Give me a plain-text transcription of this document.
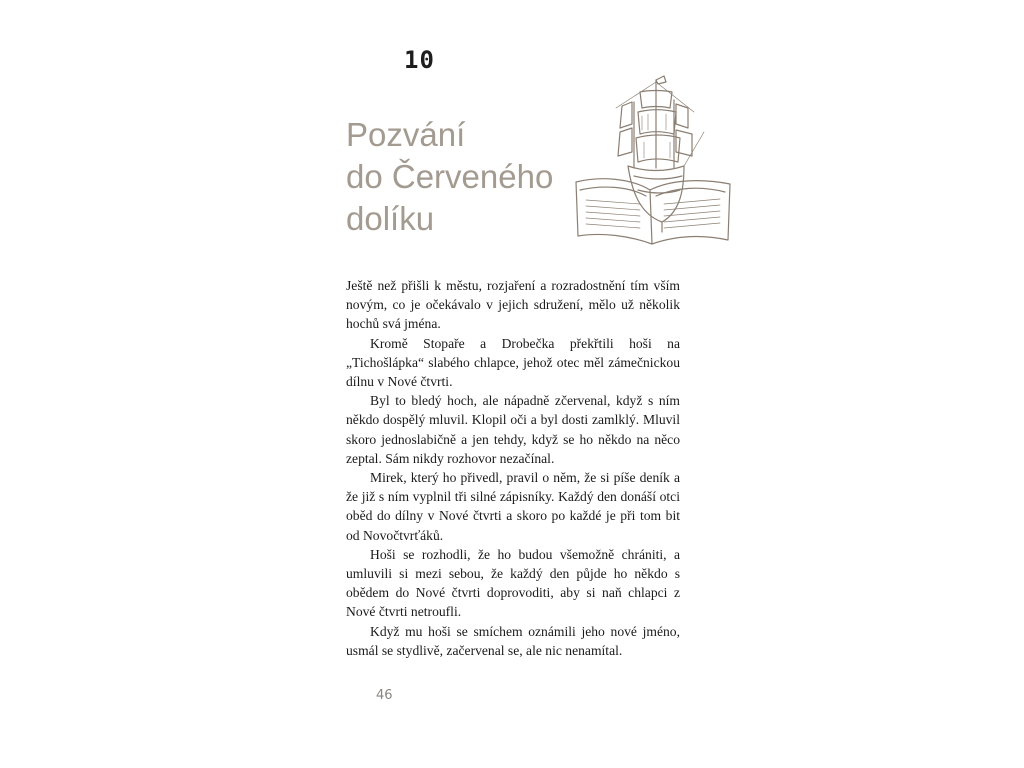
10
Pozvání
do Červeného
dolíku

Ještě než přišli k městu, rozjaření a rozradostnění tím vším novým, co je očekávalo v jejich sdružení, mělo už několik hochů svá jména.

Kromě Stopaře a Drobečka překřtili hoši na „Tichošlápka“ slabého chlapce, jehož otec měl zámečnickou dílnu v Nové čtvrti.

Byl to bledý hoch, ale nápadně zčervenal, když s ním někdo dospělý mluvil. Klopil oči a byl dosti zamlklý. Mluvil skoro jednoslabičně a jen tehdy, když se ho někdo na něco zeptal. Sám nikdy rozhovor nezačínal.

Mirek, který ho přivedl, pravil o něm, že si píše deník a že již s ním vyplnil tři silné zápisníky. Každý den donáší otci oběd do dílny v Nové čtvrti a skoro po každé je při tom bit od Novočtvrťáků.

Hoši se rozhodli, že ho budou všemožně chrániti, a umluvili si mezi sebou, že každý den půjde ho někdo s obědem do Nové čtvrti doprovoditi, aby si naň chlapci z Nové čtvrti netroufli.

Když mu hoši se smíchem oznámili jeho nové jméno, usmál se stydlivě, začervenal se, ale nic nenamítal.

46
